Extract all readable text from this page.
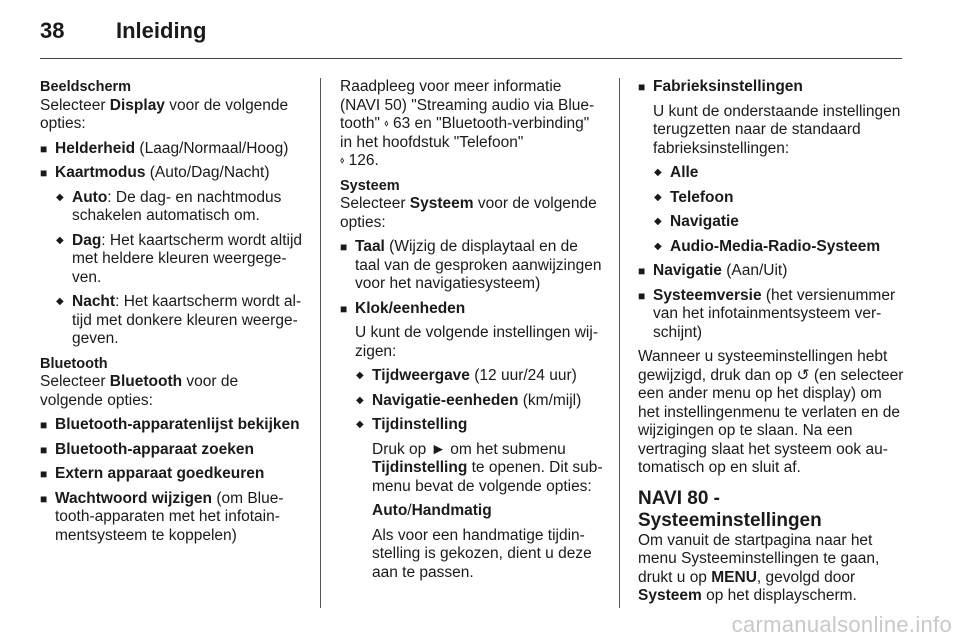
38 Inleiding
Beeldscherm

Selecteer Display voor de volgende opties:

■ Helderheid (Laag/Normaal/Hoog)

■ Kaartmodus (Auto/Dag/Nacht)

◆ Auto: De dag- en nachtmodus schakelen automatisch om.

◆ Dag: Het kaartscherm wordt altijd met heldere kleuren weergegeven.

◆ Nacht: Het kaartscherm wordt altijd met donkere kleuren weergegeven.

Bluetooth

Selecteer Bluetooth voor de volgende opties:

■ Bluetooth-apparatenlijst bekijken

■ Bluetooth-apparaat zoeken

■ Extern apparaat goedkeuren

■ Wachtwoord wijzigen (om Bluetooth-apparaten met het infotainmentsysteem te koppelen)

Raadpleeg voor meer informatie (NAVI 50) "Streaming audio via Bluetooth" ⬫ 63 en "Bluetooth-verbinding" in het hoofdstuk "Telefoon"
⬫ 126.

Systeem

Selecteer Systeem voor de volgende opties:

■ Taal (Wijzig de displaytaal en de taal van de gesproken aanwijzingen voor het navigatiesysteem)

■ Klok/eenheden

U kunt de volgende instellingen wijzigen:

◆ Tijdweergave (12 uur/24 uur)

◆ Navigatie-eenheden (km/mijl)

◆ Tijdinstelling

Druk op ► om het submenu Tijdinstelling te openen. Dit submenu bevat de volgende opties:

Auto/Handmatig

Als voor een handmatige tijdinstelling is gekozen, dient u deze aan te passen.

■ Fabrieksinstellingen

U kunt de onderstaande instellingen terugzetten naar de standaard fabrieksinstellingen:

◆ Alle

◆ Telefoon

◆ Navigatie

◆ Audio-Media-Radio-Systeem

■ Navigatie (Aan/Uit)

■ Systeemversie (het versienummer van het infotainmentsysteem verschijnt)

Wanneer u systeeminstellingen hebt gewijzigd, druk dan op ↺ (en selecteer een ander menu op het display) om het instellingenmenu te verlaten en de wijzigingen op te slaan. Na een vertraging slaat het systeem ook automatisch op en sluit af.

NAVI 80 - Systeeminstellingen

Om vanuit de startpagina naar het menu Systeeminstellingen te gaan, drukt u op MENU, gevolgd door Systeem op het displayscherm.

carmanualsonline.info
